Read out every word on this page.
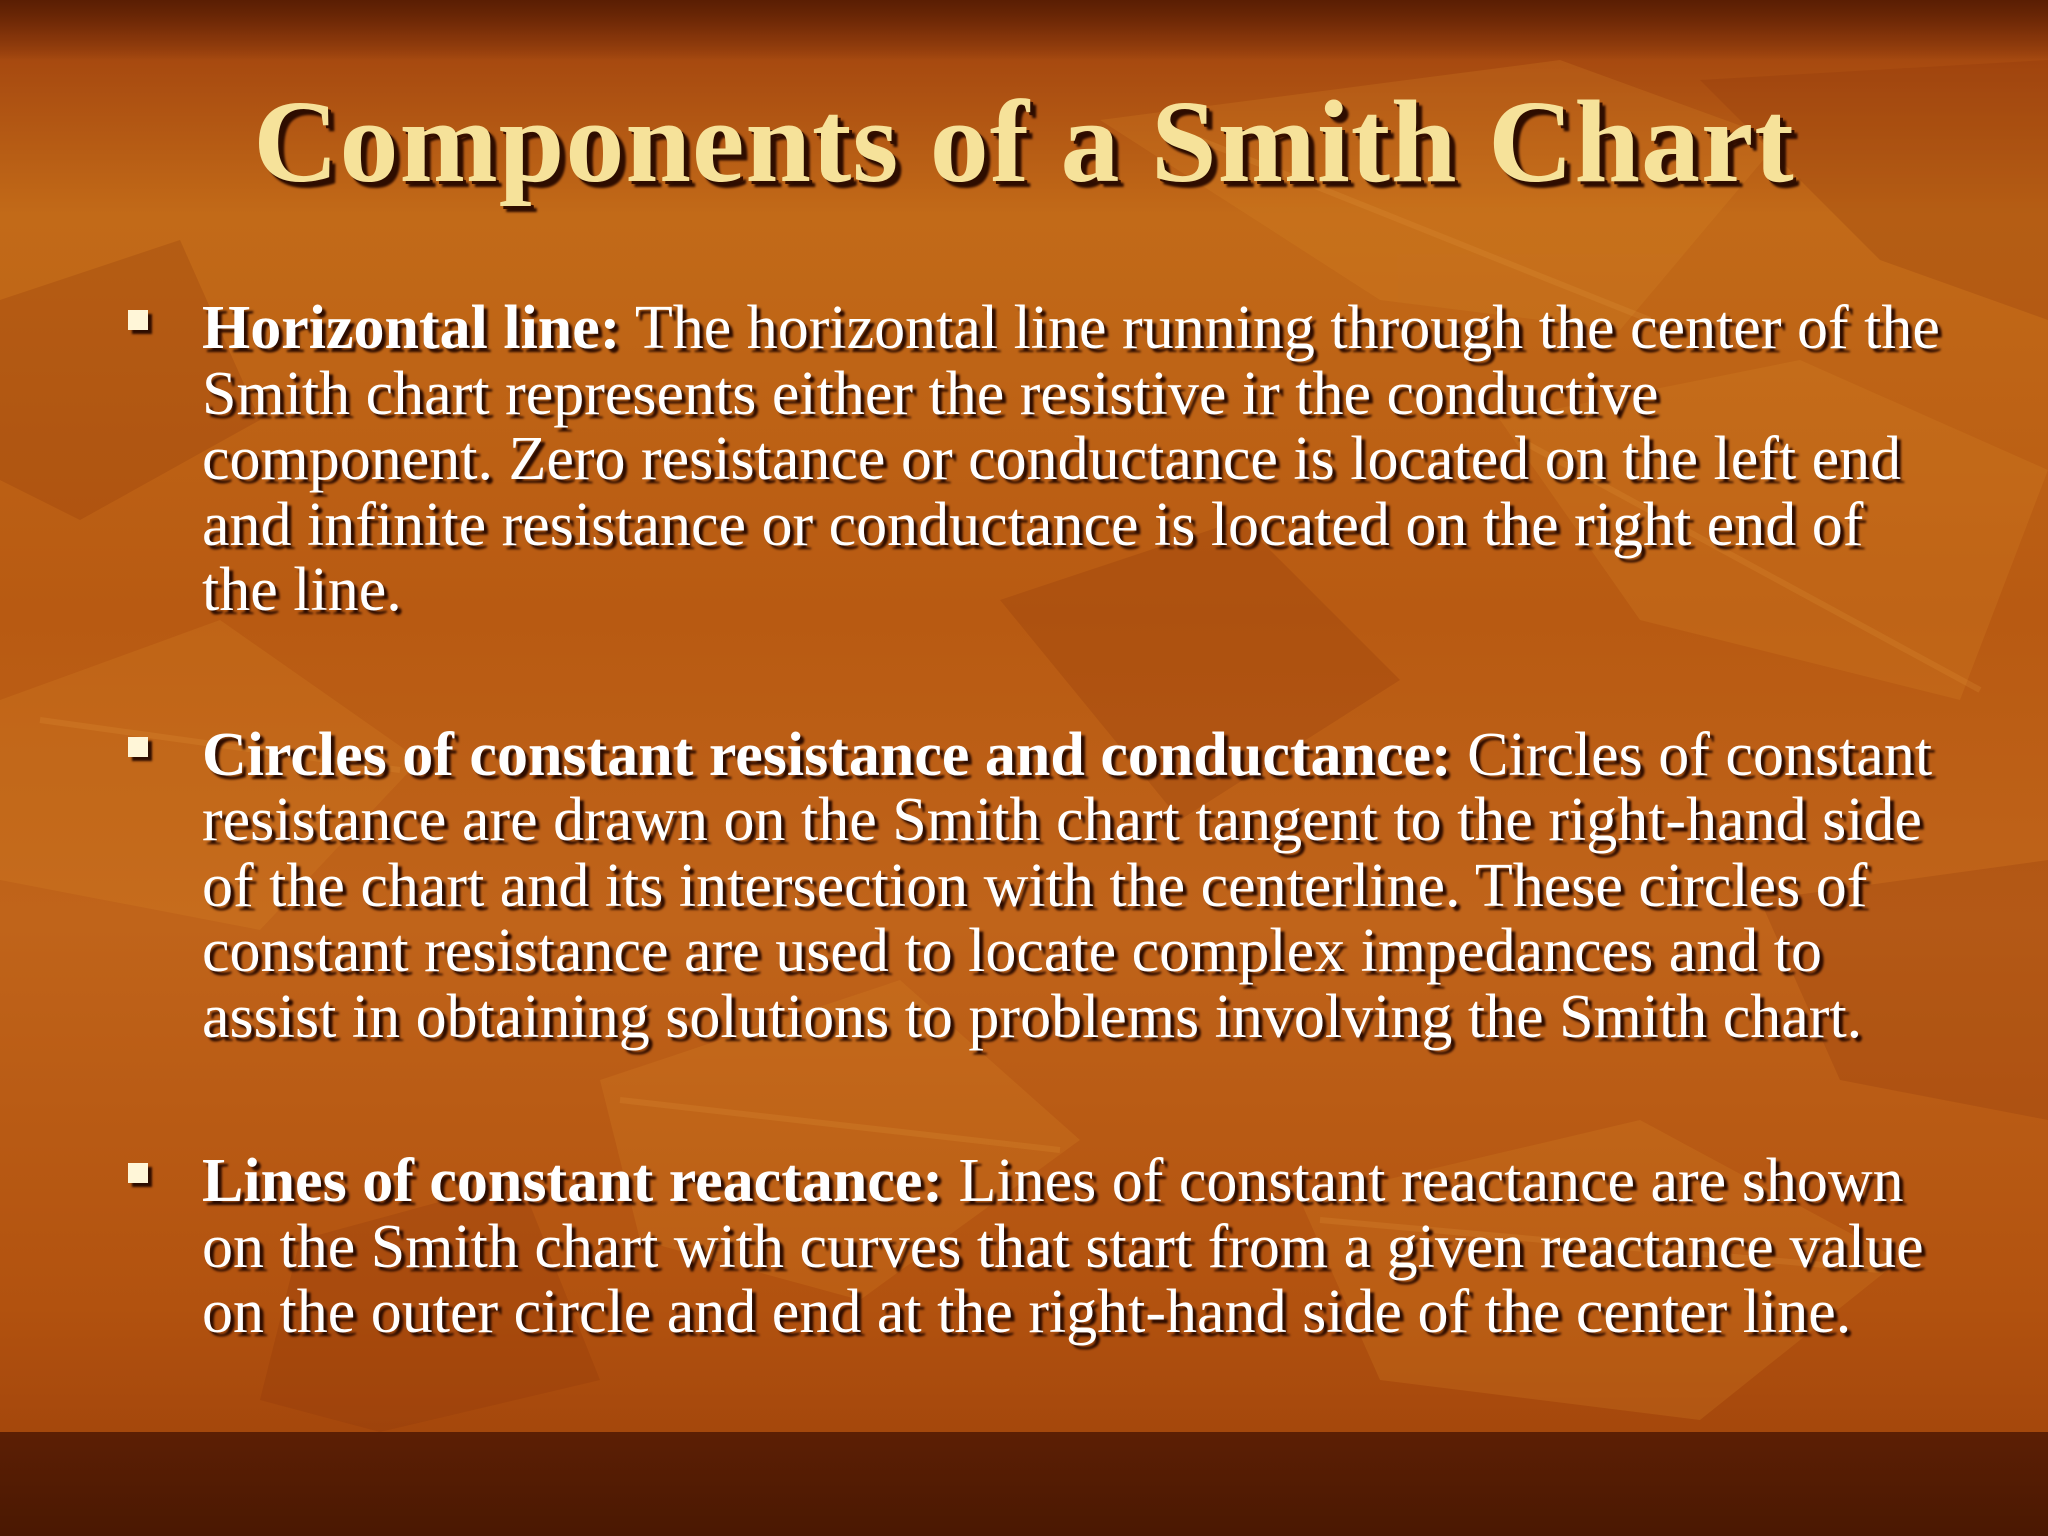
Components of a Smith Chart
Horizontal line: The horizontal line running through the center of the Smith chart represents either the resistive ir the conductive component. Zero resistance or conductance is located on the left end and infinite resistance or conductance is located on the right end of the line.
Circles of constant resistance and conductance: Circles of constant resistance are drawn on the Smith chart tangent to the right-hand side of the chart and its intersection with the centerline. These circles of constant resistance are used to locate complex impedances and to assist in obtaining solutions to problems involving the Smith chart.
Lines of constant reactance: Lines of constant reactance are shown on the Smith chart with curves that start from a given reactance value on the outer circle and end at the right-hand side of the center line.
